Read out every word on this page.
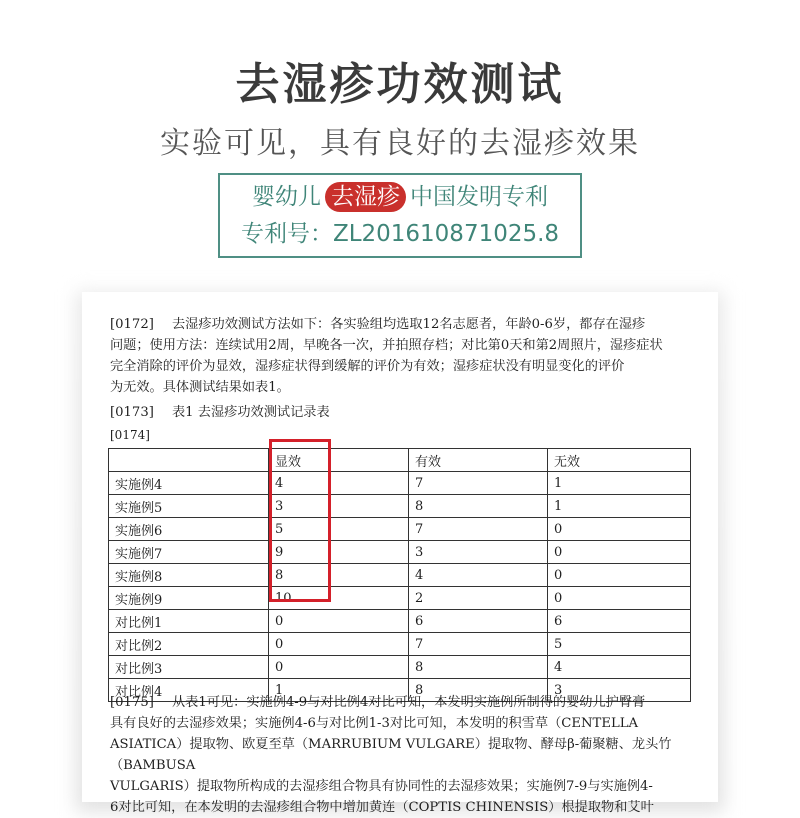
去湿疹功效测试
实验可见，具有良好的去湿疹效果
婴幼儿 去湿疹 中国发明专利
专利号：ZL201610871025.8
[0172] 去湿疹功效测试方法如下：各实验组均选取12名志愿者，年龄0-6岁，都存在湿疹
问题；使用方法：连续试用2周，早晚各一次，并拍照存档；对比第0天和第2周照片，湿疹症状
完全消除的评价为显效，湿疹症状得到缓解的评价为有效；湿疹症状没有明显变化的评价
为无效。具体测试结果如表1。
[0173] 表1 去湿疹功效测试记录表
[0174]
	显效	有效	无效
实施例4	4	7	1
实施例5	3	8	1
实施例6	5	7	0
实施例7	9	3	0
实施例8	8	4	0
实施例9	10	2	0
对比例1	0	6	6
对比例2	0	7	5
对比例3	0	8	4
对比例4	1	8	3
[0175] 从表1可见：实施例4-9与对比例4对比可知，本发明实施例所制得的婴幼儿护臀膏
具有良好的去湿疹效果；实施例4-6与对比例1-3对比可知，本发明的积雪草（CENTELLA
ASIATICA）提取物、欧夏至草（MARRUBIUM VULGARE）提取物、酵母β-葡聚糖、龙头竹（BAMBUSA
VULGARIS）提取物所构成的去湿疹组合物具有协同性的去湿疹效果；实施例7-9与实施例4-
6对比可知，在本发明的去湿疹组合物中增加黄连（COPTIS CHINENSIS）根提取物和艾叶
